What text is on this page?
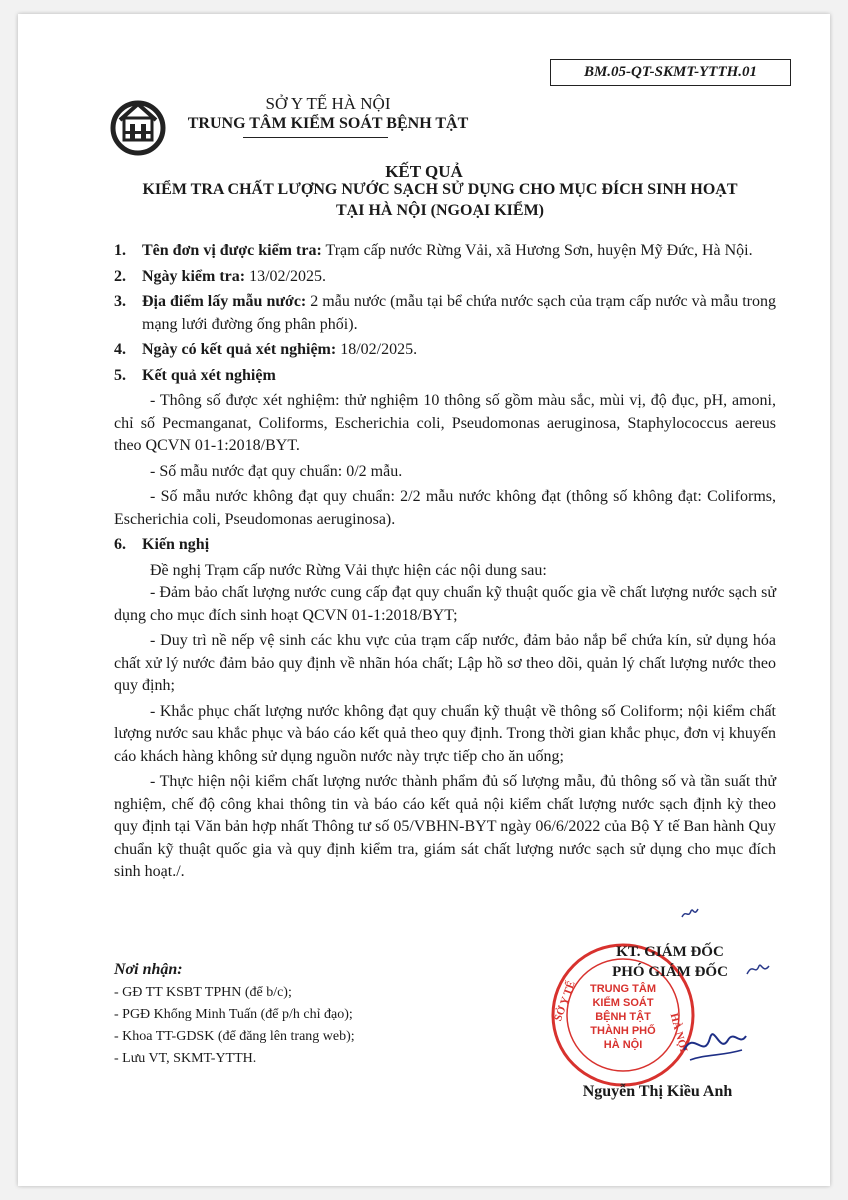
BM.05-QT-SKMT-YTTH.01
SỞ Y TẾ HÀ NỘI
TRUNG TÂM KIỂM SOÁT BỆNH TẬT
KẾT QUẢ
KIỂM TRA CHẤT LƯỢNG NƯỚC SẠCH SỬ DỤNG CHO MỤC ĐÍCH SINH HOẠT
TẠI HÀ NỘI (NGOẠI KIỂM)
1.	Tên đơn vị được kiểm tra: Trạm cấp nước Rừng Vải, xã Hương Sơn, huyện Mỹ Đức, Hà Nội.
2.	Ngày kiểm tra: 13/02/2025.
3.	Địa điểm lấy mẫu nước: 2 mẫu nước (mẫu tại bể chứa nước sạch của trạm cấp nước và mẫu trong mạng lưới đường ống phân phối).
4.	Ngày có kết quả xét nghiệm: 18/02/2025.
5.	Kết quả xét nghiệm
- Thông số được xét nghiệm: thử nghiệm 10 thông số gồm màu sắc, mùi vị, độ đục, pH, amoni, chỉ số Pecmanganat, Coliforms, Escherichia coli, Pseudomonas aeruginosa, Staphylococcus aereus theo QCVN 01-1:2018/BYT.
- Số mẫu nước đạt quy chuẩn: 0/2 mẫu.
- Số mẫu nước không đạt quy chuẩn: 2/2 mẫu nước không đạt (thông số không đạt: Coliforms, Escherichia coli, Pseudomonas aeruginosa).
6.	Kiến nghị
Đề nghị Trạm cấp nước Rừng Vải thực hiện các nội dung sau:
- Đảm bảo chất lượng nước cung cấp đạt quy chuẩn kỹ thuật quốc gia về chất lượng nước sạch sử dụng cho mục đích sinh hoạt QCVN 01-1:2018/BYT;
- Duy trì nề nếp vệ sinh các khu vực của trạm cấp nước, đảm bảo nắp bể chứa kín, sử dụng hóa chất xử lý nước đảm bảo quy định về nhãn hóa chất; Lập hồ sơ theo dõi, quản lý chất lượng nước theo quy định;
- Khắc phục chất lượng nước không đạt quy chuẩn kỹ thuật về thông số Coliform; nội kiểm chất lượng nước sau khắc phục và báo cáo kết quả theo quy định. Trong thời gian khắc phục, đơn vị khuyến cáo khách hàng không sử dụng nguồn nước này trực tiếp cho ăn uống;
- Thực hiện nội kiểm chất lượng nước thành phẩm đủ số lượng mẫu, đủ thông số và tần suất thử nghiệm, chế độ công khai thông tin và báo cáo kết quả nội kiểm chất lượng nước sạch định kỳ theo quy định tại Văn bản hợp nhất Thông tư số 05/VBHN-BYT ngày 06/6/2022 của Bộ Y tế Ban hành Quy chuẩn kỹ thuật quốc gia và quy định kiểm tra, giám sát chất lượng nước sạch sử dụng cho mục đích sinh hoạt./.
Nơi nhận:
- GĐ TT KSBT TPHN (để b/c);
- PGĐ Khổng Minh Tuấn (để p/h chỉ đạo);
- Khoa TT-GDSK (để đăng lên trang web);
- Lưu VT, SKMT-YTTH.
SỞ Y TẾ
HÀ NỘI
TRUNG TÂM
KIỂM SOÁT
BỆNH TẬT
THÀNH PHỐ
HÀ NỘI
KT. GIÁM ĐỐC
PHÓ GIÁM ĐỐC
Nguyễn Thị Kiều Anh
